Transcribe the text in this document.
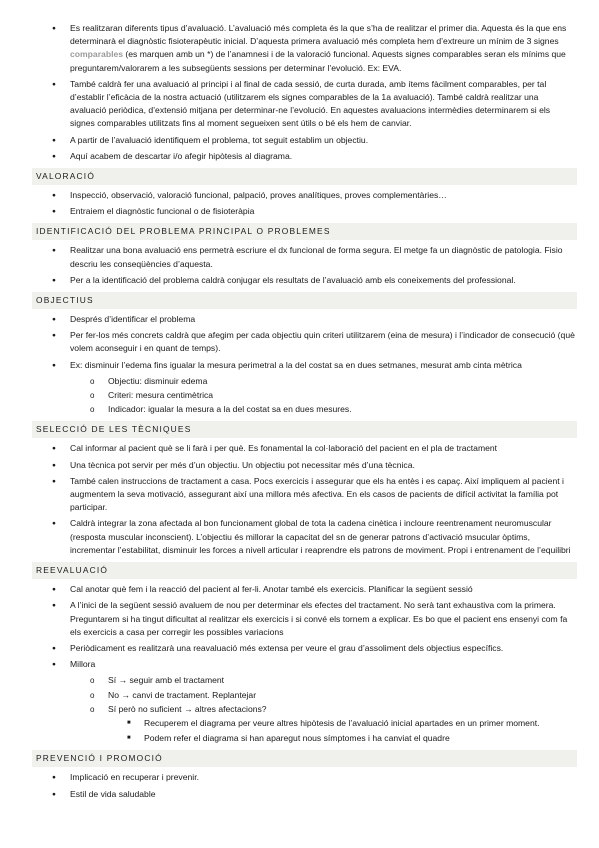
● Es realitzaran diferents tipus d’avaluació. L’avaluació més completa és la que s’ha de realitzar el primer dia. Aquesta és la que ens determinarà el diagnòstic fisioterapèutic inicial. D’aquesta primera avaluació més completa hem d’extreure un mínim de 3 signes comparables (es marquen amb un *) de l’anamnesi i de la valoració funcional. Aquests signes comparables seran els mínims que preguntarem/valorarem a les subsegüents sessions per determinar l’evolució. Ex: EVA.
● També caldrà fer una avaluació al principi i al final de cada sessió, de curta durada, amb ítems fàcilment comparables, per tal d’establir l’eficàcia de la nostra actuació (utilitzarem els signes comparables de la 1a avaluació). També caldrà realitzar una avaluació periòdica, d’extensió mitjana per determinar-ne l’evolució. En aquestes avaluacions intermèdies determinarem si els signes comparables utilitzats fins al moment segueixen sent útils o bé els hem de canviar.
● A partir de l’avaluació identifiquem el problema, tot seguit establim un objectiu.
● Aquí acabem de descartar i/o afegir hipòtesis al diagrama.
VALORACIÓ
● Inspecció, observació, valoració funcional, palpació, proves analítiques, proves complementàries…
● Entraiem el diagnòstic funcional o de fisioteràpia
IDENTIFICACIÓ DEL PROBLEMA PRINCIPAL O PROBLEMES
● Realitzar una bona avaluació ens permetrà escriure el dx funcional de forma segura. El metge fa un diagnòstic de patologia. Fisio descriu les conseqüències d’aquesta.
● Per a la identificació del problema caldrà conjugar els resultats de l’avaluació amb els coneixements del professional.
OBJECTIUS
● Després d’identificar el problema
● Per fer-los més concrets caldrà que afegim per cada objectiu quin criteri utilitzarem (eina de mesura) i l’indicador de consecució (què volem aconseguir i en quant de temps).
● Ex: disminuir l’edema fins igualar la mesura perimetral a la del costat sa en dues setmanes, mesurat amb cinta mètrica
o Objectiu: disminuir edema
o Criteri: mesura centimètrica
o Indicador: igualar la mesura a la del costat sa en dues mesures.
SELECCIÓ DE LES TÈCNIQUES
● Cal informar al pacient què se li farà i per què. Es fonamental la col·laboració del pacient en el pla de tractament
● Una tècnica pot servir per més d’un objectiu. Un objectiu pot necessitar més d’una tècnica.
● També calen instruccions de tractament a casa. Pocs exercicis i assegurar que els ha entès i es capaç. Així impliquem al pacient i augmentem la seva motivació, assegurant així una millora més afectiva. En els casos de pacients de difícil activitat la família pot participar.
● Caldrà integrar la zona afectada al bon funcionament global de tota la cadena cinètica i incloure reentrenament neuromuscular (resposta muscular inconscient). L’objectiu és millorar la capacitat del sn de generar patrons d’activació msucular òptims, incrementar l’estabilitat, disminuir les forces a nivell articular i reaprendre els patrons de moviment. Propi i entrenament de l’equilibri
REEVALUACIÓ
● Cal anotar què fem i la reacció del pacient al fer-li. Anotar també els exercicis. Planificar la següent sessió
● A l’inici de la següent sessió avaluem de nou per determinar els efectes del tractament. No serà tant exhaustiva com la primera. Preguntarem si ha tingut dificultat al realitzar els exercicis i si convé els tornem a explicar. Es bo que el pacient ens ensenyi com fa els exercicis a casa per corregir les possibles variacions
● Periòdicament es realitzarà una reavaluació més extensa per veure el grau d’assoliment dels objectius específics.
● Millora
o Sí → seguir amb el tractament
o No → canvi de tractament. Replantejar
o Sí però no suficient → altres afectacions?
■ Recuperem el diagrama per veure altres hipòtesis de l’avaluació inicial apartades en un primer moment.
■ Podem refer el diagrama si han aparegut nous símptomes i ha canviat el quadre
PREVENCIÓ I PROMOCIÓ
● Implicació en recuperar i prevenir.
● Estil de vida saludable
